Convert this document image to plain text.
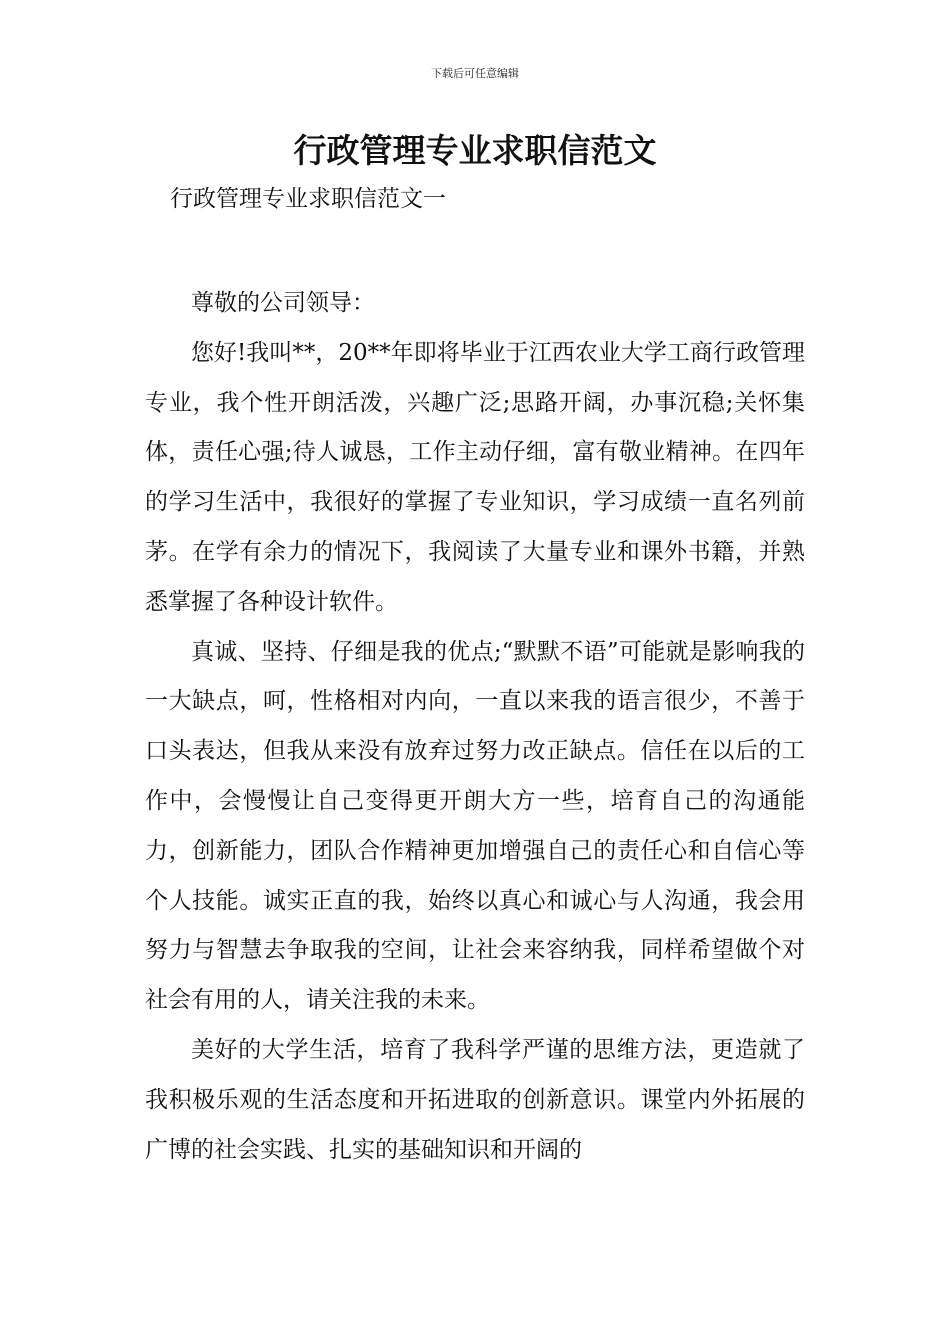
下载后可任意编辑
行政管理专业求职信范文

行政管理专业求职信范文一

尊敬的公司领导：

您好!我叫**，20**年即将毕业于江西农业大学工商行政管理专业，我个性开朗活泼，兴趣广泛;思路开阔，办事沉稳;关怀集体，责任心强;待人诚恳，工作主动仔细，富有敬业精神。在四年的学习生活中，我很好的掌握了专业知识，学习成绩一直名列前茅。在学有余力的情况下，我阅读了大量专业和课外书籍，并熟悉掌握了各种设计软件。

真诚、坚持、仔细是我的优点;“默默不语”可能就是影响我的一大缺点，呵，性格相对内向，一直以来我的语言很少，不善于口头表达，但我从来没有放弃过努力改正缺点。信任在以后的工作中，会慢慢让自己变得更开朗大方一些，培育自己的沟通能力，创新能力，团队合作精神更加增强自己的责任心和自信心等个人技能。诚实正直的我，始终以真心和诚心与人沟通，我会用努力与智慧去争取我的空间，让社会来容纳我，同样希望做个对社会有用的人，请关注我的未来。

美好的大学生活，培育了我科学严谨的思维方法，更造就了我积极乐观的生活态度和开拓进取的创新意识。课堂内外拓展的广博的社会实践、扎实的基础知识和开阔的
